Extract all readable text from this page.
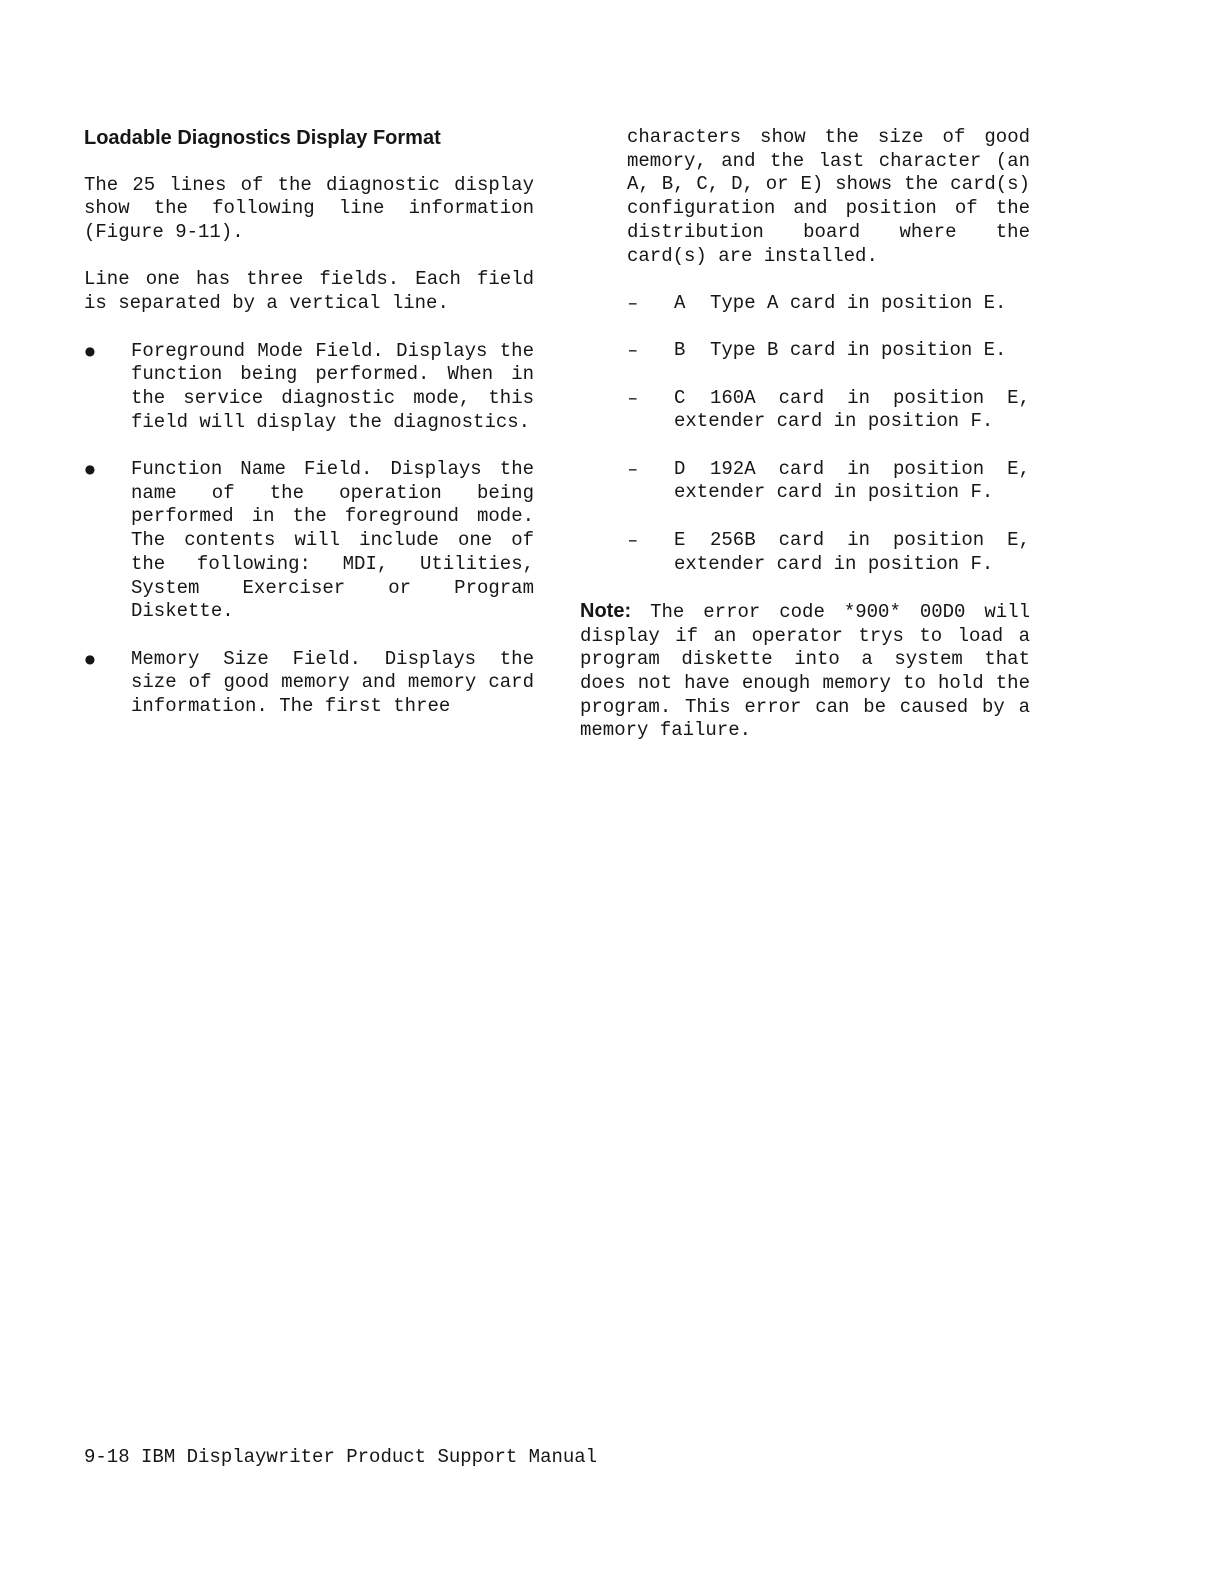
Loadable Diagnostics Display Format

The 25 lines of the diagnostic display show the following line information (Figure 9-11).

Line one has three fields. Each field is separated by a vertical line.

● Foreground Mode Field. Displays the function being performed. When in the service diagnostic mode, this field will display the diagnostics.
● Function Name Field. Displays the name of the operation being performed in the foreground mode. The contents will include one of the following: MDI, Utilities, System Exerciser or Program Diskette.
● Memory Size Field. Displays the size of good memory and memory card information. The first three

characters show the size of good memory, and the last character (an A, B, C, D, or E) shows the card(s) configuration and position of the distribution board where the card(s) are installed.

– A Type A card in position E.
– B Type B card in position E.
– C 160A card in position E, extender card in position F.
– D 192A card in position E, extender card in position F.
– E 256B card in position E, extender card in position F.

Note: The error code *900* 00D0 will display if an operator trys to load a program diskette into a system that does not have enough memory to hold the program. This error can be caused by a memory failure.

9-18 IBM Displaywriter Product Support Manual
